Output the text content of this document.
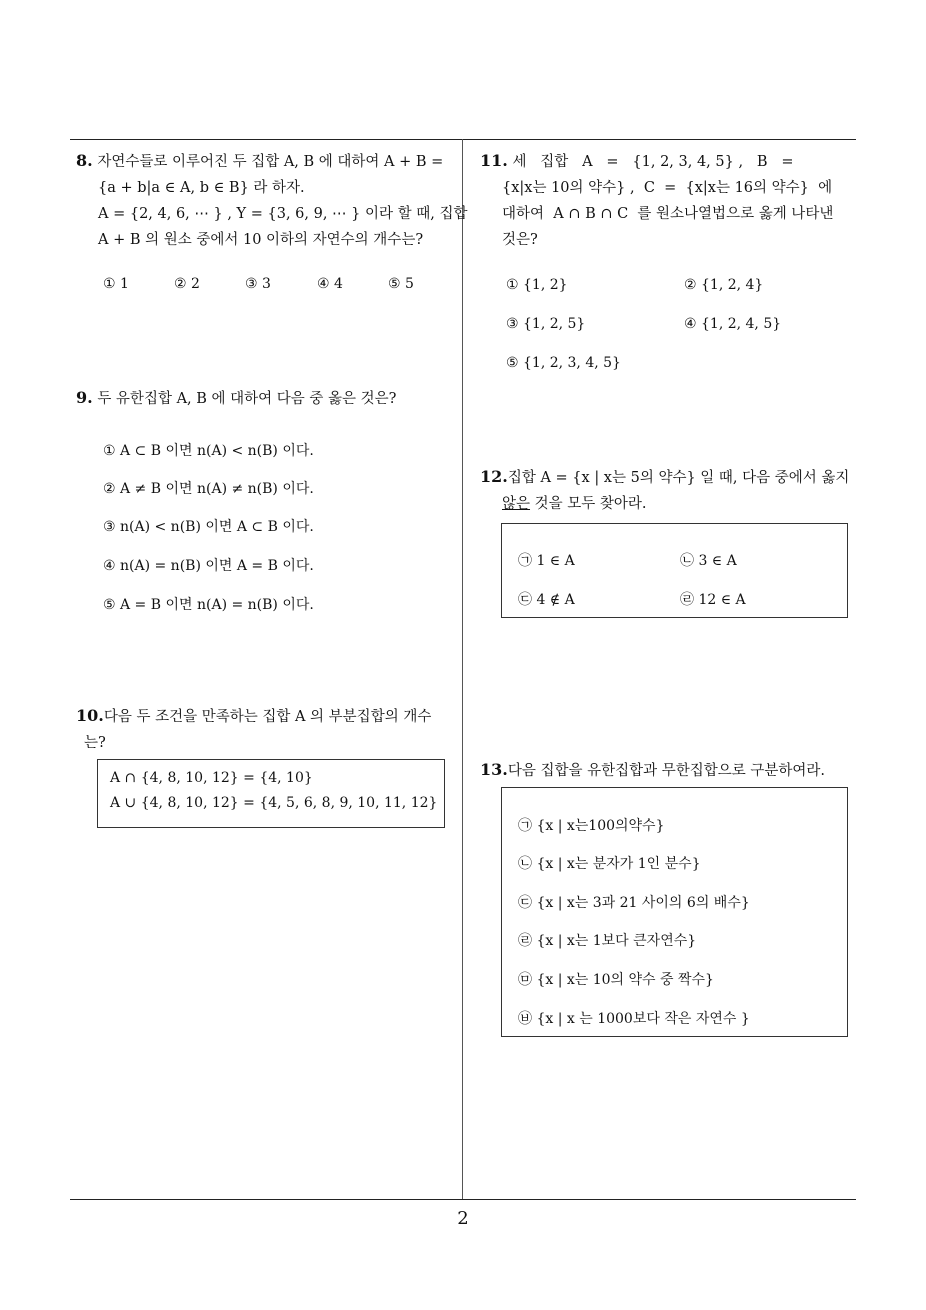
8. 자연수들로 이루어진 두 집합 A, B 에 대하여 A + B =
{a + b|a ∈ A, b ∈ B} 라 하자.
A = {2, 4, 6, ⋯ } , Y = {3, 6, 9, ⋯ } 이라 할 때, 집합
A + B 의 원소 중에서 10 이하의 자연수의 개수는?
① 1	② 2	③ 3	④ 4	⑤ 5
9. 두 유한집합 A, B 에 대하여 다음 중 옳은 것은?
① A ⊂ B 이면 n(A) < n(B) 이다.
② A ≠ B 이면 n(A) ≠ n(B) 이다.
③ n(A) < n(B) 이면 A ⊂ B 이다.
④ n(A) = n(B) 이면 A = B 이다.
⑤ A = B 이면 n(A) = n(B) 이다.
10.다음 두 조건을 만족하는 집합 A 의 부분집합의 개수
는?
A ∩ {4, 8, 10, 12} = {4, 10}
A ∪ {4, 8, 10, 12} = {4, 5, 6, 8, 9, 10, 11, 12}
11. 세   집합   A   =   {1, 2, 3, 4, 5} ,   B   =
{x|x는 10의 약수} ,  C  =  {x|x는 16의 약수}  에
대하여  A ∩ B ∩ C  를 원소나열법으로 옳게 나타낸
것은?
① {1, 2}	② {1, 2, 4}
③ {1, 2, 5}	④ {1, 2, 4, 5}
⑤ {1, 2, 3, 4, 5}
12.집합 A = {x | x는 5의 약수} 일 때, 다음 중에서 옳지
않은 것을 모두 찾아라.
㉠ 1 ∈ A	㉡ 3 ∈ A
㉢ 4 ∉ A	㉣ 12 ∈ A
13.다음 집합을 유한집합과 무한집합으로 구분하여라.
㉠ {x | x는100의약수}
㉡ {x | x는 분자가 1인 분수}
㉢ {x | x는 3과 21 사이의 6의 배수}
㉣ {x | x는 1보다 큰자연수}
㉤ {x | x는 10의 약수 중 짝수}
㉥ {x | x 는 1000보다 작은 자연수 }
2
